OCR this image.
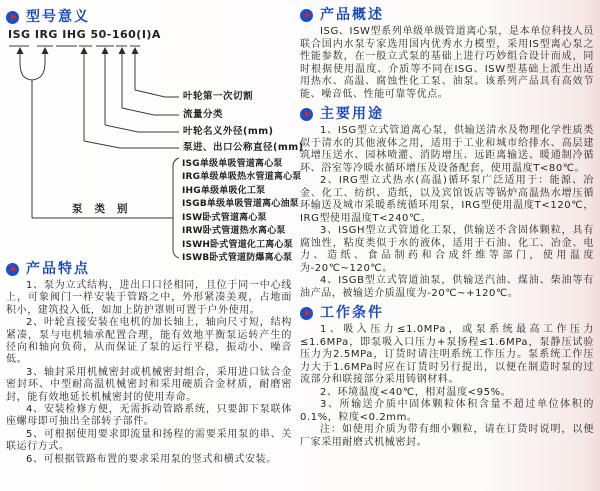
型号意义
ISG IRG IHG 50-160(Ⅰ)A
叶轮第一次切割
流量分类
叶轮名义外径(mm)
泵进、出口公称直径(mm)
泵类别
ISG单级单吸管道离心泵
IRG单级单吸热水管道离心泵
IHG单级单吸化工泵
ISGB单级单吸管道离心油泵
ISW卧式管道离心泵
IRW卧式管道热水离心泵
ISWH卧式管道化工离心泵
ISWB卧式管道防爆离心泵
产品特点

1、泵为立式结构，进出口口径相同，且位于同一中心线上，可象阀门一样安装于管路之中，外形紧凑美观，占地面积小，建筑投入低，如加上防护罩则可置于户外使用。

2、叶轮直接安装在电机的加长轴上，轴向尺寸短，结构紧凑，泵与电机轴承配置合理，能有效地平衡泵运转产生的径向和轴向负荷，从而保证了泵的运行平稳，振动小、噪音低。

3、轴封采用机械密封或机械密封组合，采用进口钛合金密封环、中型耐高温机械密封和采用硬质合金材质，耐磨密封，能有效地延长机械密封的使用寿命。

4、安装检修方便，无需拆动管路系统，只要卸下泵联体座螺母即可抽出全部转子部件。

5、可根据使用要求即流量和扬程的需要采用泵的串、关联运行方式。

6、可根据管路布置的要求采用泵的竖式和横式安装。

产品概述

ISG、ISW型系列单级单级管道离心泵，是本单位科技人员联合国内水泵专家选用国内优秀水力模型，采用IS型离心泵之性能参数，在一般立式泵的基础上进行巧妙组合设计而成，同时根据使用温度、介质等不同在ISG、ISW型基础上派生出适用热水、高温、腐蚀性化工泵、油泵。该系列产品具有高效节能、噪音低、性能可靠等优点。

主要用途

1、ISG型立式管道离心泵，供输送清水及物理化学性质类似于清水的其他液体之用，适用于工业和城市给排水、高层建筑增压送水、园林喷灌、消防增压、远距离输送、暖通制冷循环、浴室等冷暖水循环增压及设备配套，使用温度T<80℃。

2、IRG型立式热水(高温)循环泵广泛适用于：能源、冶金、化工、纺织、造纸，以及宾馆饭店等锅炉高温热水增压循环输送及城市采暖系统循环用泵，IRG型使用温度T<120℃，IRG型使用温度T<240℃。

3、ISGH型立式管道化工泵，供输送不含固体颗粒，具有腐蚀性，粘度类似于水的液体，适用于石油、化工、冶金、电力、造纸、食品制药和合成纤维等部门，使用温度为-20℃~120℃。

4、ISGB型立式管道油泵，供输送汽油、煤油、柴油等有油产品，被输送介质温度为-20℃~+120℃。

工作条件

1、吸入压力≤1.0MPa，或泵系统最高工作压力≤1.6MPa，即泵吸入口压力+泵扬程≤1.6MPa，泵静压试验压力为2.5MPa，订货时请注明系统工作压力。泵系统工作压力大于1.6MPa时应在订货时另行提出，以便在制造时泵的过流部分和联接部分采用铸钢材料。

2、环境温度<40℃，相对温度<95%。

3、所输送介质中固体颗粒体积含量不超过单位体积的0.1%，粒度<0.2mm。

注：如使用介质为带有细小颗粒，请在订货时说明，以便厂家采用耐磨式机械密封。
